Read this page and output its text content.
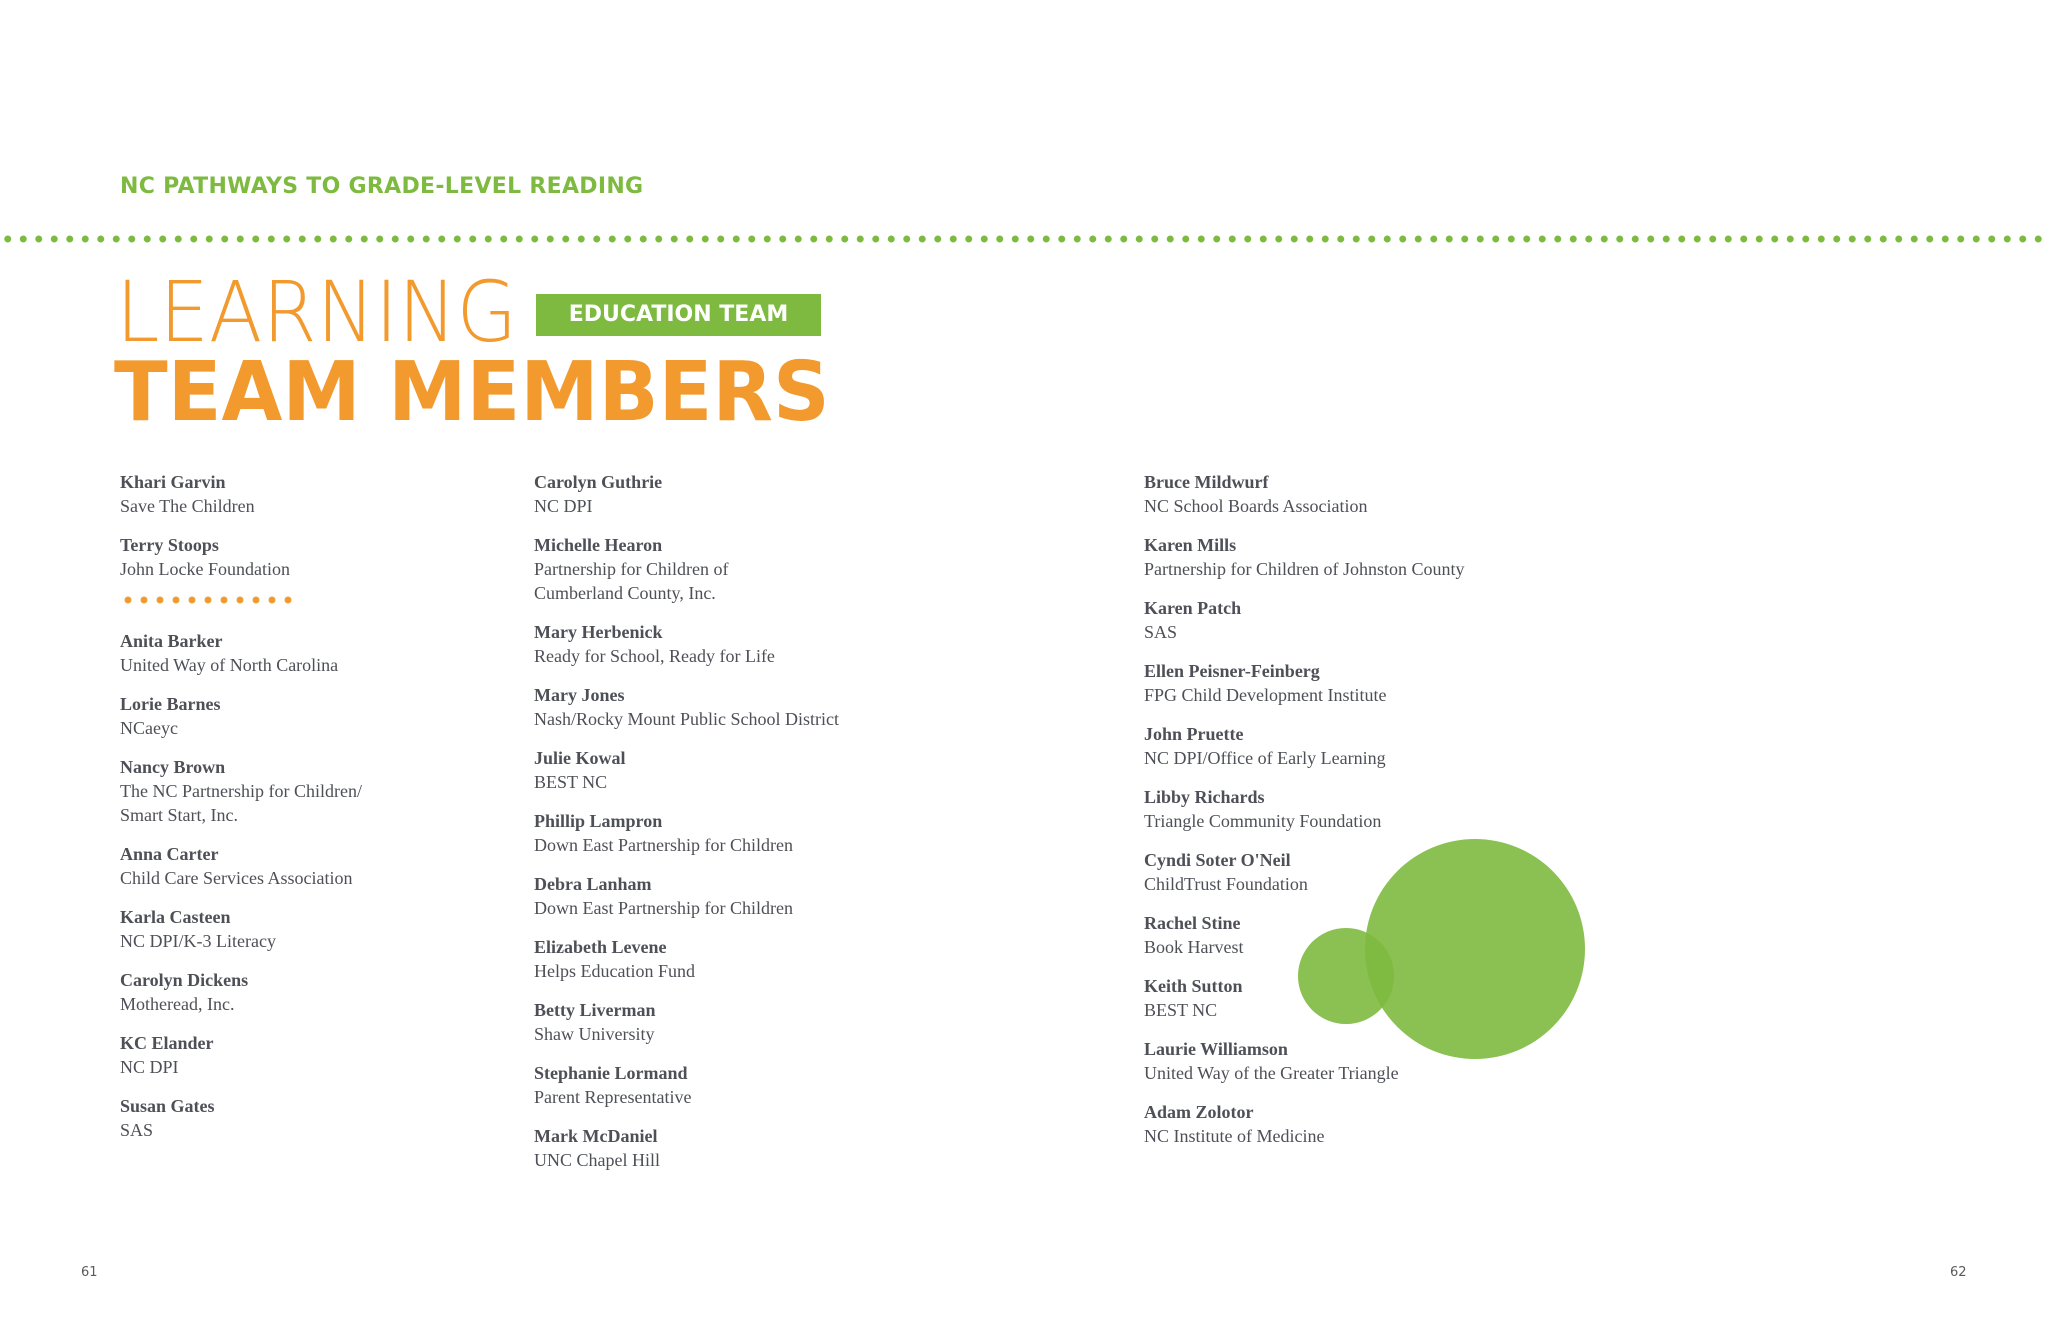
NC PATHWAYS TO GRADE-LEVEL READING
LEARNING
TEAM MEMBERS
EDUCATION TEAM
Khari Garvin
Save The Children
Terry Stoops
John Locke Foundation
Anita Barker
United Way of North Carolina
Lorie Barnes
NCaeyc
Nancy Brown
The NC Partnership for Children/
Smart Start, Inc.
Anna Carter
Child Care Services Association
Karla Casteen
NC DPI/K-3 Literacy
Carolyn Dickens
Motheread, Inc.
KC Elander
NC DPI
Susan Gates
SAS
Carolyn Guthrie
NC DPI
Michelle Hearon
Partnership for Children of
Cumberland County, Inc.
Mary Herbenick
Ready for School, Ready for Life
Mary Jones
Nash/Rocky Mount Public School District
Julie Kowal
BEST NC
Phillip Lampron
Down East Partnership for Children
Debra Lanham
Down East Partnership for Children
Elizabeth Levene
Helps Education Fund
Betty Liverman
Shaw University
Stephanie Lormand
Parent Representative
Mark McDaniel
UNC Chapel Hill
Bruce Mildwurf
NC School Boards Association
Karen Mills
Partnership for Children of Johnston County
Karen Patch
SAS
Ellen Peisner-Feinberg
FPG Child Development Institute
John Pruette
NC DPI/Office of Early Learning
Libby Richards
Triangle Community Foundation
Cyndi Soter O'Neil
ChildTrust Foundation
Rachel Stine
Book Harvest
Keith Sutton
BEST NC
Laurie Williamson
United Way of the Greater Triangle
Adam Zolotor
NC Institute of Medicine
61	62
